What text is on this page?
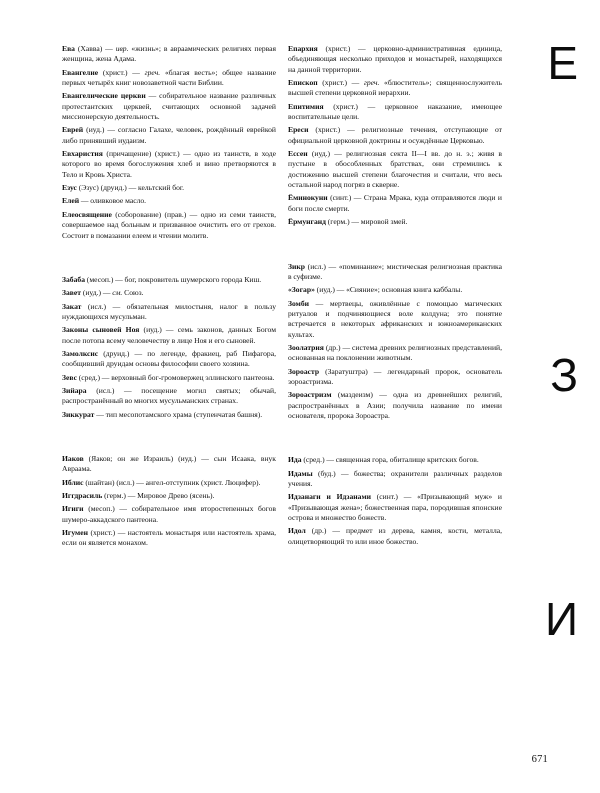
Ева (Хавва) — ивр. «жизнь»; в авраамических религиях первая женщина, жена Адама.

Евангелие (христ.) — греч. «благая весть»; общее название первых четырёх книг новозаветной части Библии.

Евангелические церкви — собирательное название различных протестантских церквей, считающих основной задачей миссионерскую деятельность.

Еврей (иуд.) — согласно Галахе, человек, рождённый еврейкой либо принявший иудаизм.

Евхаристия (причащение) (христ.) — одно из таинств, в ходе которого во время богослужения хлеб и вино претворяются в Тело и Кровь Христа.

Езус (Эзус) (друид.) — кельтский бог.

Елей — оливковое масло.

Елеосвящение (соборование) (прав.) — одно из семи таинств, совершаемое над больным и призванное очистить его от грехов. Состоит в помазании елеем и чтении молитв.

Забаба (месоп.) — бог, покровитель шумерского города Киш.

Завет (иуд.) — см. Союз.

Закат (исл.) — обязательная милостыня, налог в пользу нуждающихся мусульман.

Законы сыновей Ноя (иуд.) — семь законов, данных Богом после потопа всему человечеству в лице Ноя и его сыновей.

Замолксис (друид.) — по легенде, фракиец, раб Пифагора, сообщивший друидам основы философии своего хозяина.

Зевс (сред.) — верховный бог-громовержец эллинского пантеона.

Зийара (исл.) — посещение могил святых; обычай, распространённый во многих мусульманских странах.

Зиккурат — тип месопотамского храма (ступенчатая башня).

Иаков (Яаков; он же Израиль) (иуд.) — сын Исаака, внук Авраама.

Иблис (шайтан) (исл.) — ангел-отступник (христ. Люцифер).

Иггдрасиль (герм.) — Мировое Древо (ясень).

Игиги (месоп.) — собирательное имя второстепенных богов шумеро-аккадского пантеона.

Игумен (христ.) — настоятель монастыря или настоятель храма, если он является монахом.

Епархия (христ.) — церковно-административная единица, объединяющая несколько приходов и монастырей, находящихся на данной территории.

Епископ (христ.) — греч. «блюститель»; священнослужитель высшей степени церковной иерархии.

Епитимия (христ.) — церковное наказание, имеющее воспитательные цели.

Ереси (христ.) — религиозные течения, отступающие от официальной церковной доктрины и осуждённые Церковью.

Ессеи (иуд.) — религиозная секта II—I вв. до н. э.; живя в пустыне в обособленных братствах, они стремились к достижению высшей степени благочестия и считали, что весь остальной народ погряз в скверне.

Ёминокуни (синт.) — Страна Мрака, куда отправляются люди и боги после смерти.

Ёрмунганд (герм.) — мировой змей.

Зикр (исл.) — «поминание»; мистическая религиозная практика в суфизме.

«Зогар» (иуд.) — «Сияние»; основная книга каббалы.

Зомби — мертвецы, оживлённые с помощью магических ритуалов и подчиняющиеся воле колдуна; это понятие встречается в некоторых африканских и южноамериканских культах.

Зоолатрия (др.) — система древних религиозных представлений, основанная на поклонении животным.

Зороастр (Заратуштра) — легендарный пророк, основатель зороастризма.

Зороастризм (маздеизм) — одна из древнейших религий, распространённых в Азии; получила название по имени основателя, пророка Зороастра.

Ида (сред.) — священная гора, обиталище критских богов.

Идамы (буд.) — божества; охранители различных разделов учения.

Идзанаги и Идзанами (синт.) — «Призывающий муж» и «Призывающая жена»; божественная пара, породившая японские острова и множество божеств.

Идол (др.) — предмет из дерева, камня, кости, металла, олицетворяющий то или иное божество.

Е
З
И
671
